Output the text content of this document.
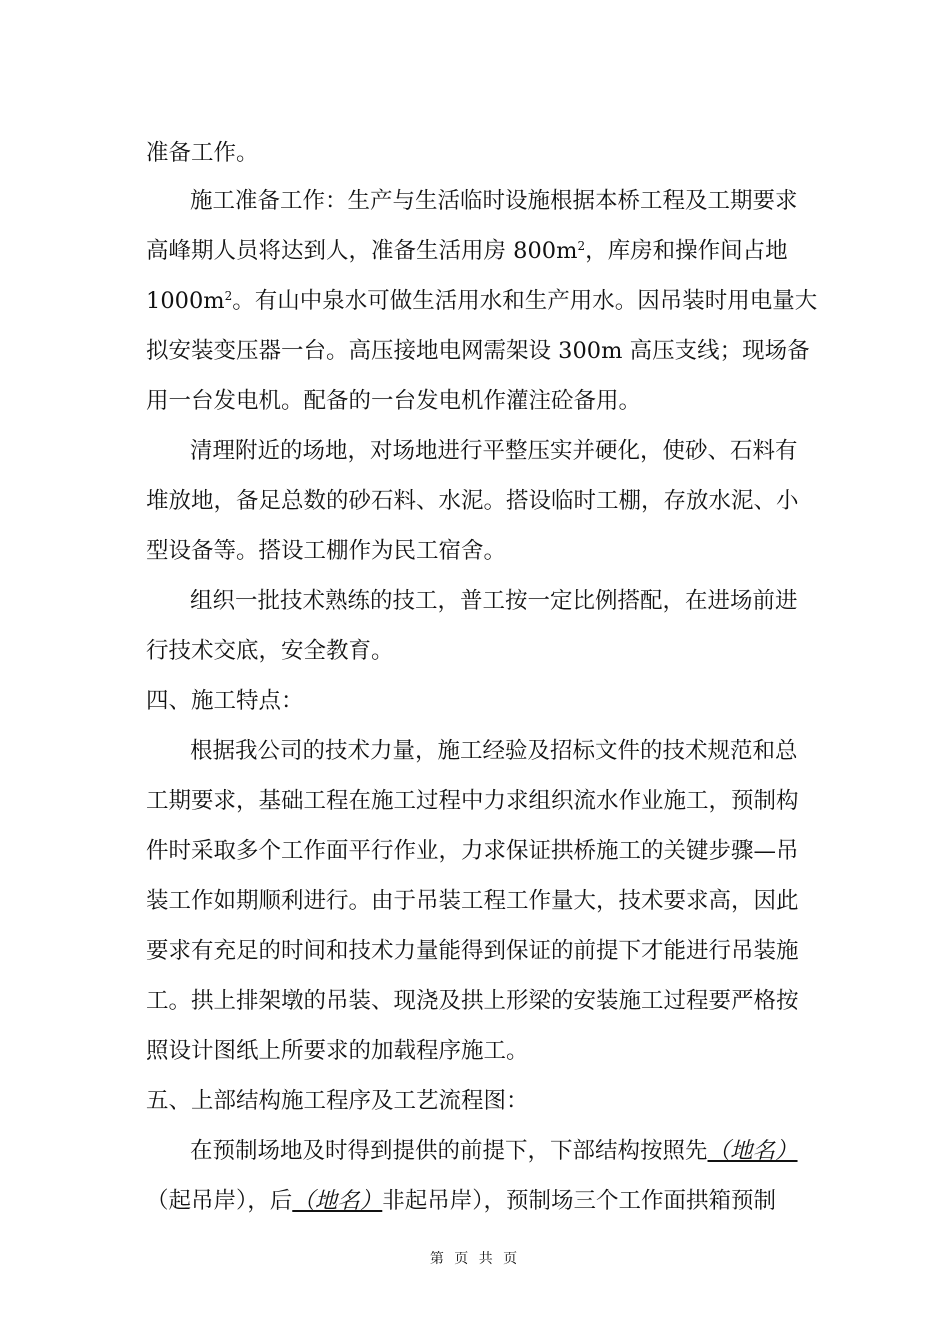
准备工作。
施工准备工作：生产与生活临时设施根据本桥工程及工期要求
高峰期人员将达到人，准备生活用房 $800m^2$，库房和操作间占地
$1000m^2$。有山中泉水可做生活用水和生产用水。因吊装时用电量大
拟安装变压器一台。高压接地电网需架设 300m 高压支线；现场备
用一台发电机。配备的一台发电机作灌注砼备用。
清理附近的场地，对场地进行平整压实并硬化，使砂、石料有
堆放地，备足总数的砂石料、水泥。搭设临时工棚，存放水泥、小
型设备等。搭设工棚作为民工宿舍。
组织一批技术熟练的技工，普工按一定比例搭配，在进场前进
行技术交底，安全教育。
四、施工特点：
根据我公司的技术力量，施工经验及招标文件的技术规范和总
工期要求，基础工程在施工过程中力求组织流水作业施工，预制构
件时采取多个工作面平行作业，力求保证拱桥施工的关键步骤—吊
装工作如期顺利进行。由于吊装工程工作量大，技术要求高，因此
要求有充足的时间和技术力量能得到保证的前提下才能进行吊装施
工。拱上排架墩的吊装、现浇及拱上形梁的安装施工过程要严格按
照设计图纸上所要求的加载程序施工。
五、上部结构施工程序及工艺流程图：
在预制场地及时得到提供的前提下，下部结构按照先（地名）
（起吊岸），后（地名）非起吊岸），预制场三个工作面拱箱预制
第 页 共 页
